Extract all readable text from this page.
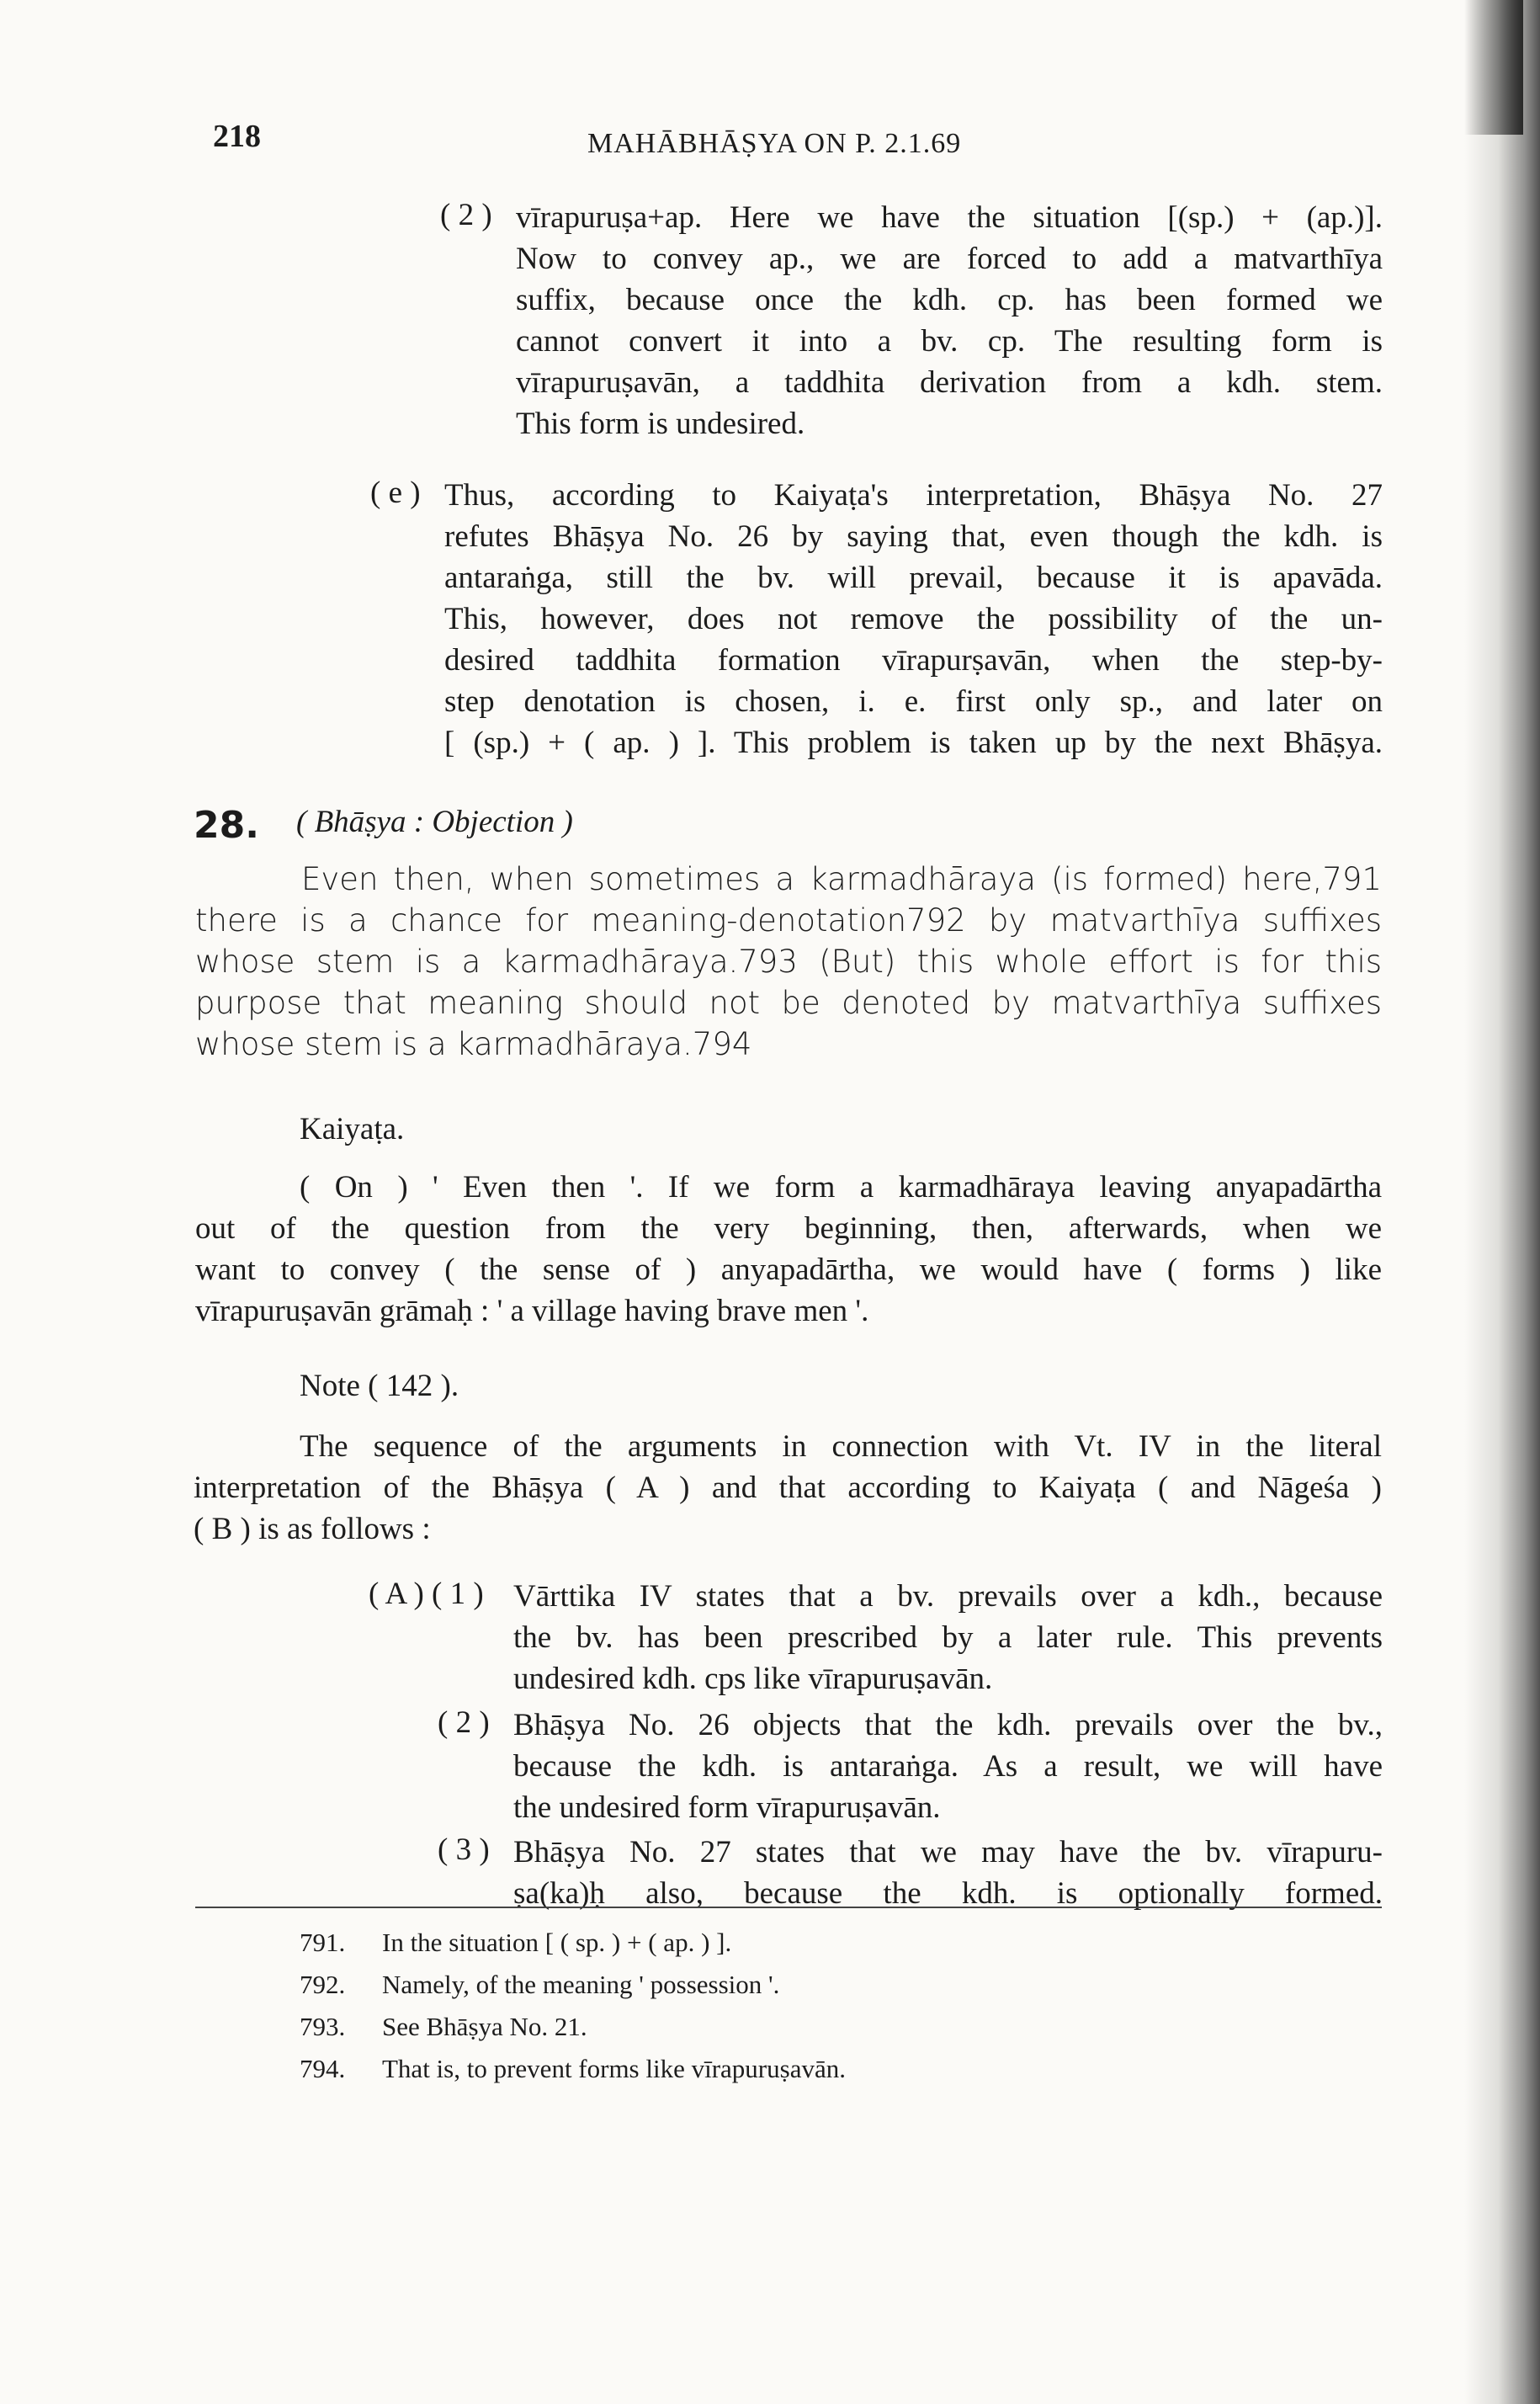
218	MAHĀBHĀṢYA ON P. 2.1.69
( 2 ) vīrapuruṣa+ap. Here we have the situation [(sp.) + (ap.)].
Now to convey ap., we are forced to add a matvarthīya
suffix, because once the kdh. cp. has been formed we
cannot convert it into a bv. cp. The resulting form is
vīrapuruṣavān, a taddhita derivation from a kdh. stem.
This form is undesired.
( e ) Thus, according to Kaiyaṭa's interpretation, Bhāṣya No. 27
refutes Bhāṣya No. 26 by saying that, even though the kdh. is
antaraṅga, still the bv. will prevail, because it is apavāda.
This, however, does not remove the possibility of the un-
desired taddhita formation vīrapurṣavān, when the step-by-
step denotation is chosen, i. e. first only sp., and later on
[ (sp.) + ( ap. ) ]. This problem is taken up by the next Bhāṣya.
28. ( Bhāṣya : Objection )
Even then, when sometimes a karmadhāraya (is formed) here,791
there is a chance for meaning-denotation792 by matvarthīya suffixes
whose stem is a karmadhāraya.793 (But) this whole effort is for this
purpose that meaning should not be denoted by matvarthīya suffixes
whose stem is a karmadhāraya.794
Kaiyaṭa.
( On ) ' Even then '. If we form a karmadhāraya leaving anyapadārtha
out of the question from the very beginning, then, afterwards, when we
want to convey ( the sense of ) anyapadārtha, we would have ( forms ) like
vīrapuruṣavān grāmaḥ : ' a village having brave men '.
Note ( 142 ).
The sequence of the arguments in connection with Vt. IV in the literal
interpretation of the Bhāṣya ( A ) and that according to Kaiyaṭa ( and Nāgeśa )
( B ) is as follows :
( A ) ( 1 ) Vārttika IV states that a bv. prevails over a kdh., because
the bv. has been prescribed by a later rule. This prevents
undesired kdh. cps like vīrapuruṣavān.
( 2 ) Bhāṣya No. 26 objects that the kdh. prevails over the bv.,
because the kdh. is antaraṅga. As a result, we will have
the undesired form vīrapuruṣavān.
( 3 ) Bhāṣya No. 27 states that we may have the bv. vīrapuru-
ṣa(ka)ḥ also, because the kdh. is optionally formed.
791. In the situation [ ( sp. ) + ( ap. ) ].
792. Namely, of the meaning ' possession '.
793. See Bhāṣya No. 21.
794. That is, to prevent forms like vīrapuruṣavān.
